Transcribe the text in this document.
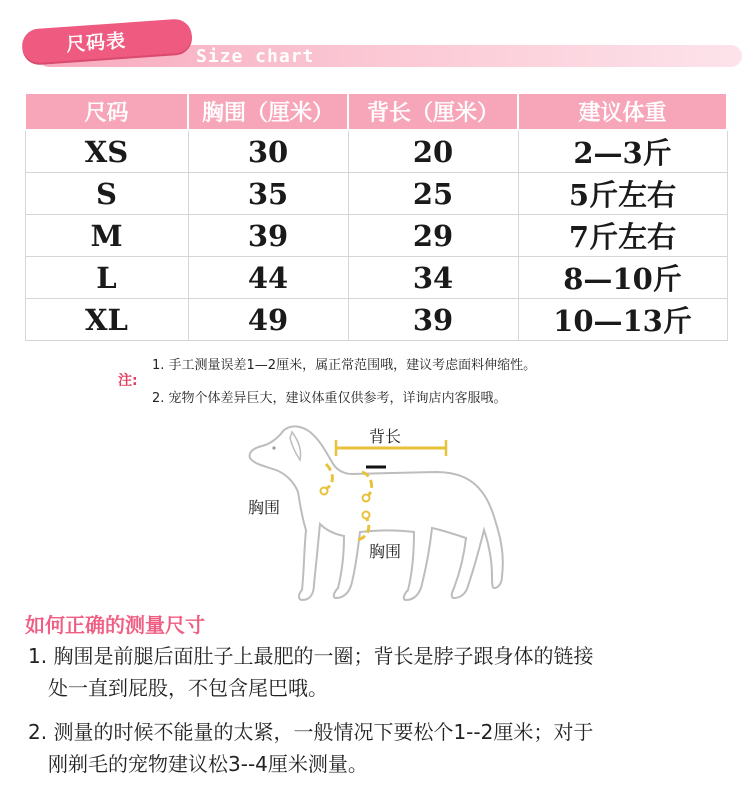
尺码表
Size chart
尺码	胸围（厘米）	背长（厘米）	建议体重
XS	30	20	2—3斤
S	35	25	5斤左右
M	39	29	7斤左右
L	44	34	8—10斤
XL	49	39	10—13斤
注:
1. 手工测量误差1—2厘米，属正常范围哦，建议考虑面料伸缩性。
2. 宠物个体差异巨大，建议体重仅供参考，详询店内客服哦。
背长
胸围
胸围
如何正确的测量尺寸
1. 胸围是前腿后面肚子上最肥的一圈；背长是脖子跟身体的链接
处一直到屁股，不包含尾巴哦。
2. 测量的时候不能量的太紧，一般情况下要松个1--2厘米；对于
刚剃毛的宠物建议松3--4厘米测量。
